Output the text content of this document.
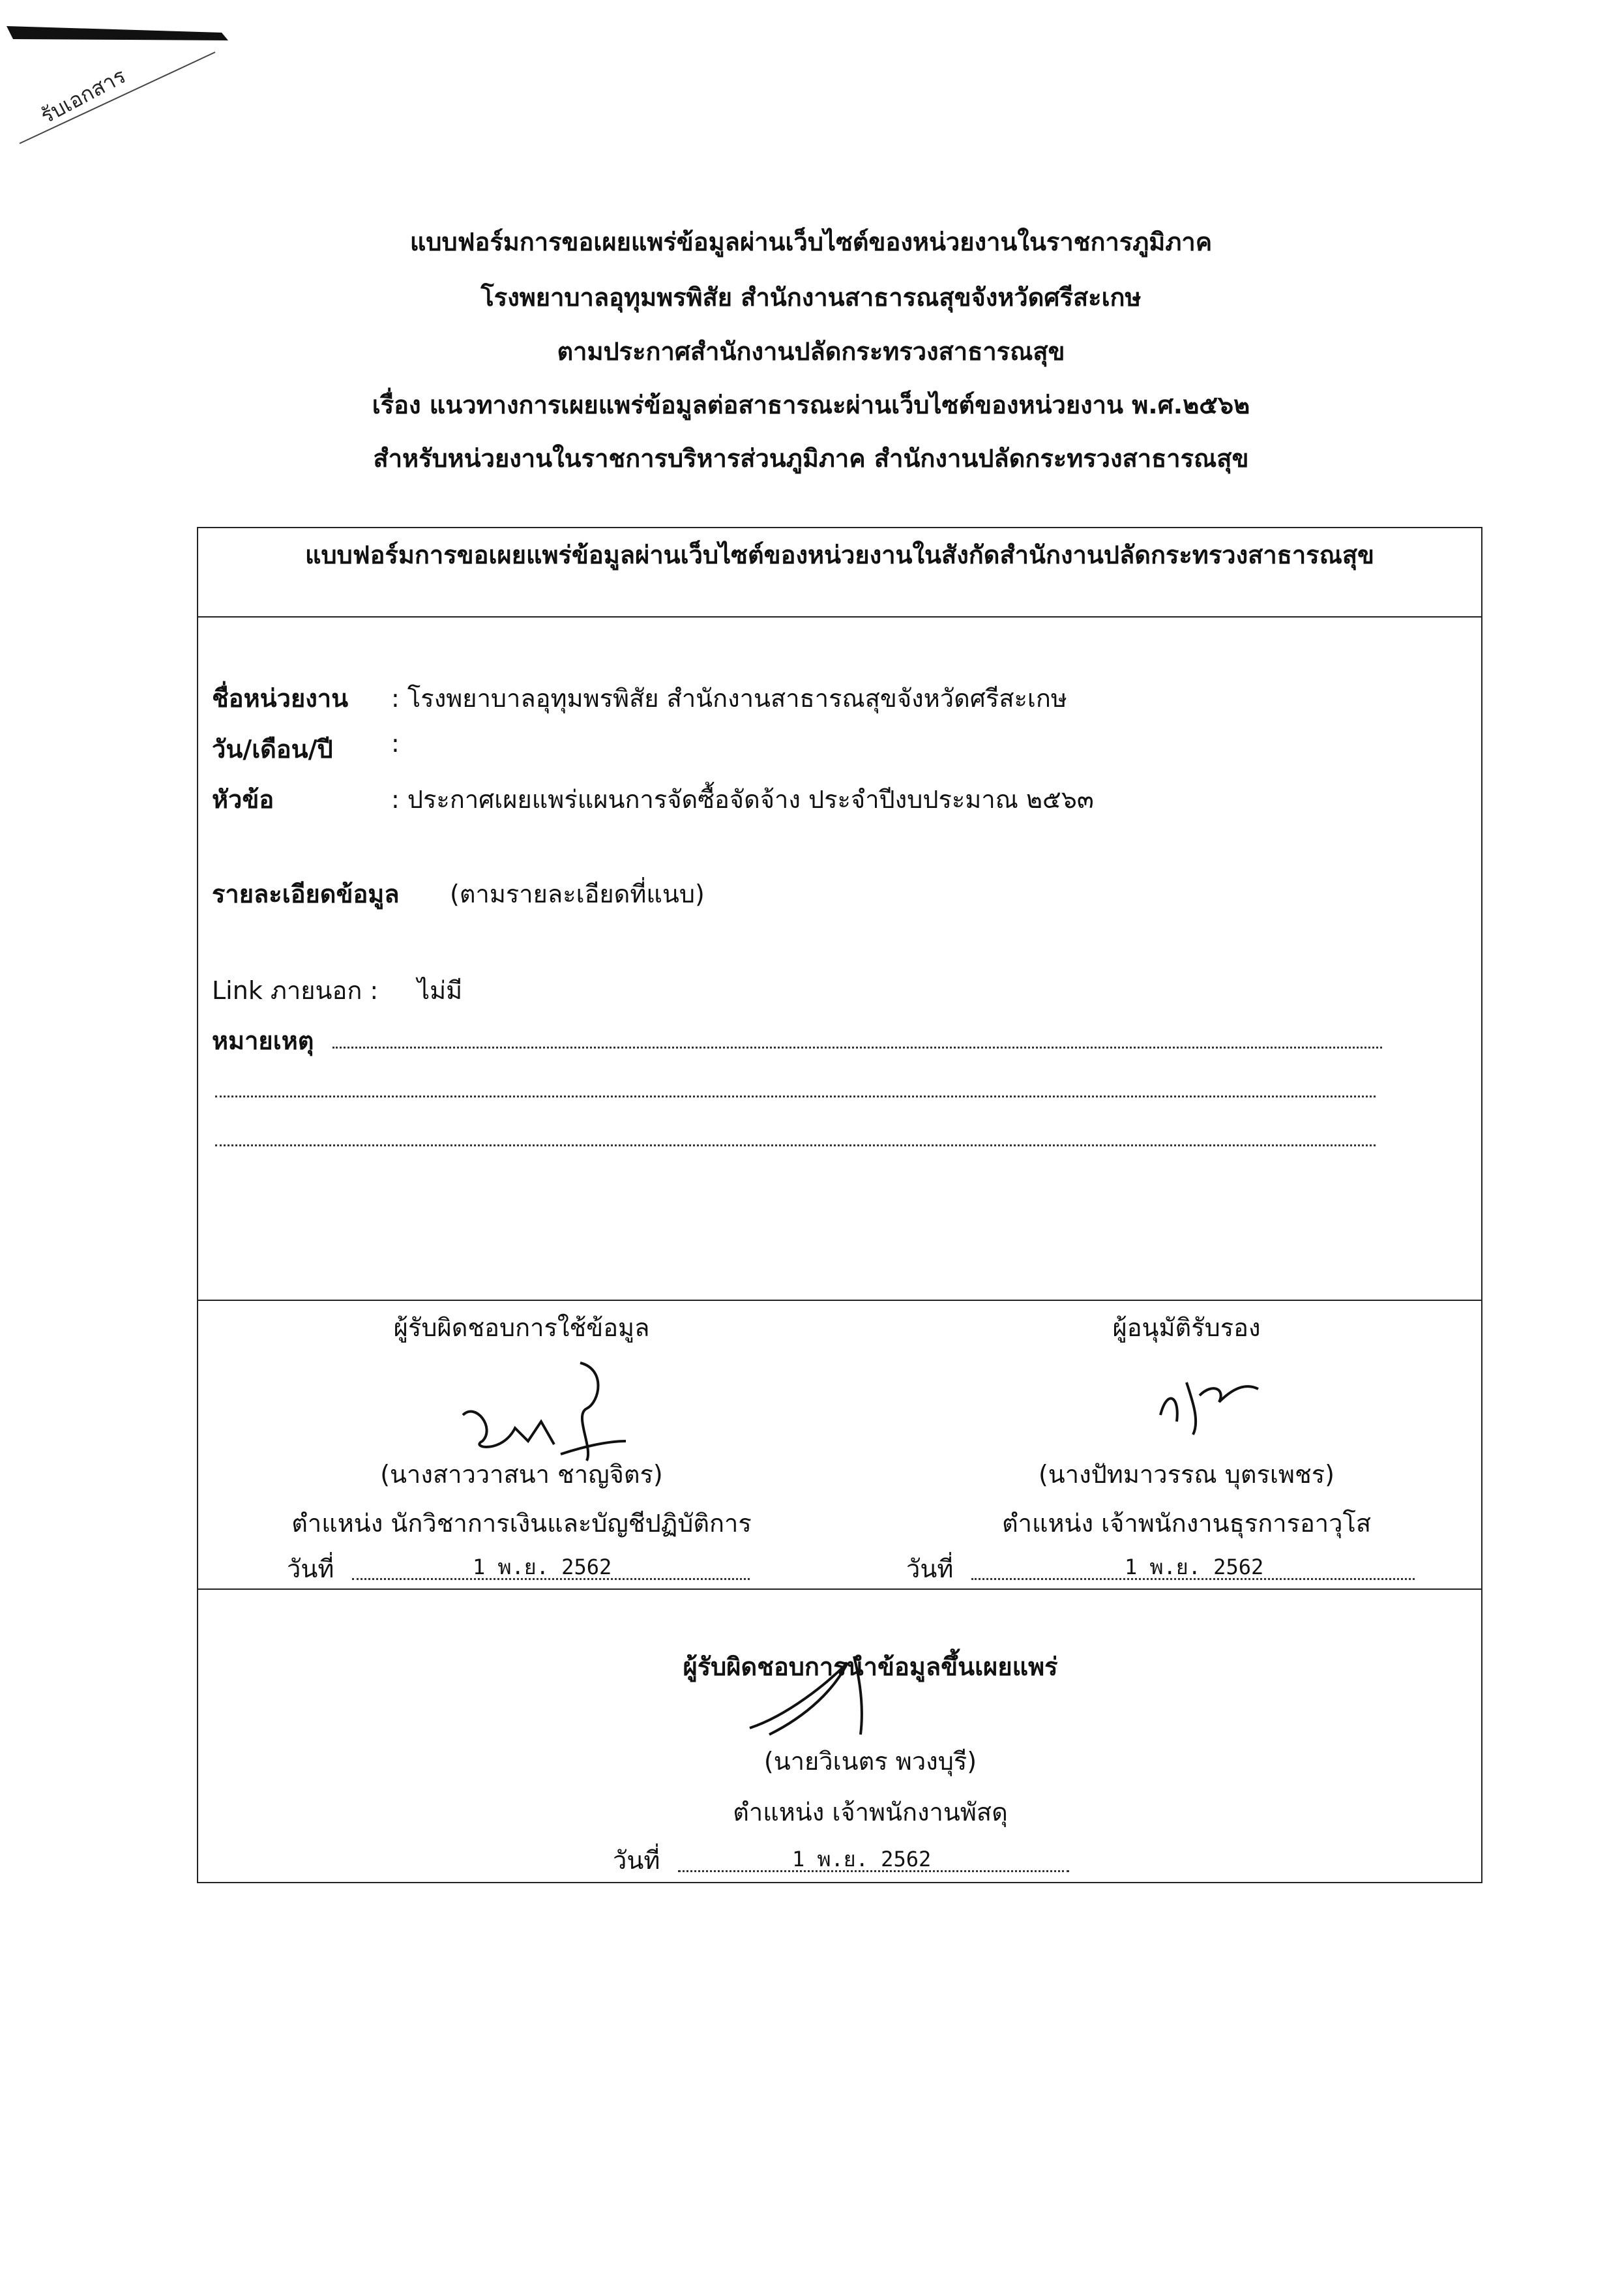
รับเอกสาร
แบบฟอร์มการขอเผยแพร่ข้อมูลผ่านเว็บไซต์ของหน่วยงานในราชการภูมิภาค
โรงพยาบาลอุทุมพรพิสัย สำนักงานสาธารณสุขจังหวัดศรีสะเกษ
ตามประกาศสำนักงานปลัดกระทรวงสาธารณสุข
เรื่อง แนวทางการเผยแพร่ข้อมูลต่อสาธารณะผ่านเว็บไซต์ของหน่วยงาน พ.ศ.๒๕๖๒
สำหรับหน่วยงานในราชการบริหารส่วนภูมิภาค สำนักงานปลัดกระทรวงสาธารณสุข
แบบฟอร์มการขอเผยแพร่ข้อมูลผ่านเว็บไซต์ของหน่วยงานในสังกัดสำนักงานปลัดกระทรวงสาธารณสุข
ชื่อหน่วยงาน : โรงพยาบาลอุทุมพรพิสัย สำนักงานสาธารณสุขจังหวัดศรีสะเกษ
วัน/เดือน/ปี :
หัวข้อ	: ประกาศเผยแพร่แผนการจัดซื้อจัดจ้าง ประจำปีงบประมาณ ๒๕๖๓
รายละเอียดข้อมูล (ตามรายละเอียดที่แนบ)
Link ภายนอก : ไม่มี
หมายเหตุ
ผู้รับผิดชอบการใช้ข้อมูล
(นางสาววาสนา ชาญจิตร)
ตำแหน่ง นักวิชาการเงินและบัญชีปฏิบัติการ
วันที่	1 พ.ย. 2562
ผู้อนุมัติรับรอง
(นางปัทมาวรรณ บุตรเพชร)
ตำแหน่ง เจ้าพนักงานธุรการอาวุโส
วันที่	1 พ.ย. 2562
ผู้รับผิดชอบการนำข้อมูลขึ้นเผยแพร่
(นายวิเนตร พวงบุรี)
ตำแหน่ง เจ้าพนักงานพัสดุ
วันที่	1 พ.ย. 2562
